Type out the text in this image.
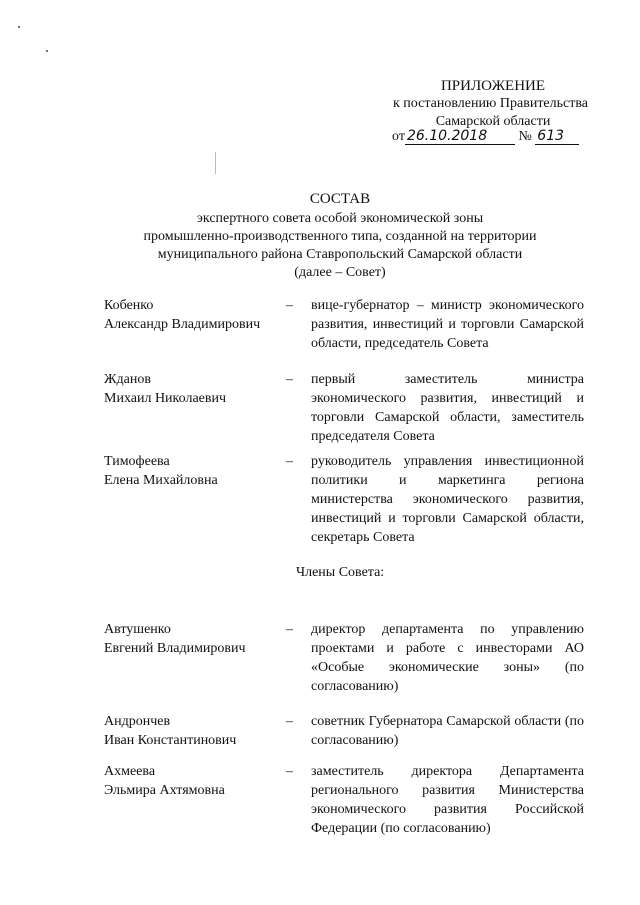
ПРИЛОЖЕНИЕ
к постановлению Правительства
Самарской области
от 26.10.2018 № 613
СОСТАВ
экспертного совета особой экономической зоны
промышленно-производственного типа, созданной на территории
муниципального района Ставропольский Самарской области
(далее – Совет)
Кобенко
Александр Владимирович
– вице-губернатор – министр экономического развития, инвестиций и торговли Самарской области, председатель Совета
Жданов
Михаил Николаевич
– первый заместитель министра экономического развития, инвестиций и торговли Самарской области, заместитель председателя Совета
Тимофеева
Елена Михайловна
– руководитель управления инвестиционной политики и маркетинга региона министерства экономического развития, инвестиций и торговли Самарской области, секретарь Совета
Члены Совета:
Автушенко
Евгений Владимирович
– директор департамента по управлению проектами и работе с инвесторами АО «Особые экономические зоны» (по согласованию)
Андрончев
Иван Константинович
– советник Губернатора Самарской области (по согласованию)
Ахмеева
Эльмира Ахтямовна
– заместитель директора Департамента регионального развития Министерства экономического развития Российской Федерации (по согласованию)
